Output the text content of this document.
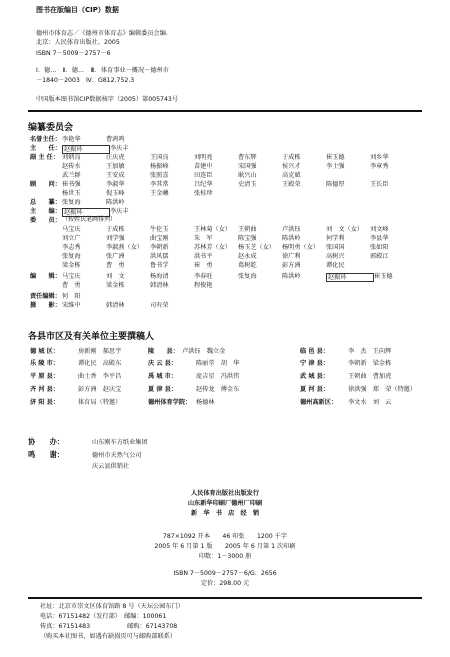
图书在版编目（CIP）数据
德州市体育志／《德州市体育志》编辑委员会编．
北京：人民体育出版社，2005
ISBN 7－5009－2757－6
Ⅰ．德…　Ⅱ．德…　Ⅲ．体育事业－概况－德州市
－1840－2003　Ⅳ．G812.752.3
中国版本图书馆CIP数据核字（2005）第005743号
编纂委员会
名誉主任： 李艳华	曹鸿鸣
主　　任： 赵振环	李庆丰
副 主 任： 刘炳良	汪庆虎	王国良	刘明亮	曹东辉	于成栋	崔玉德	刘乡华
赵传水	王加敏	杨振峰	苗建中	宋国强	侯兴才	李士强	李章秀
武兰群	王安成	张照喜	田连臣	耿兴山	高克斌
顾　　问： 崔书强	李淑华	李其常	吕纪华	史清玉	王殿荣	陈德厚	王长臣
杨世玉	倪玉峰	王金曦	张桂珍
总　　纂： 张复海	陈洪岭
主　　编： 赵振环	李庆丰
委　　员： （按姓氏笔画排列）
马宝庆	于成栋	牛伦玉	王林菊（女）	王朝曲	卢洪钰	刘　文（女）	刘文峰
刘立广	刘学强	曲宝刚	朱　军	陈宝强	陈洪岭	何学利	李县华
李志秀	李淑燕（女）	李朝新	苏林芳（女）	杨玉芝（女）	杨明勇（女）	张国国	张如阳
张复海	张广洲	洪风儒	洪书平	赵永成	徐广利	高树兴	郭殿江
梁金栋	曹　勇	鲁书学	崔　勇	葛树乾	彭方洲	谭化民
编　　辑： 马宝庆	刘　文	杨海清	李春旺	张复海	陈洪岭	赵振环	崔玉德
曹　勇	梁金栋	韩清林	程俊艳
责任编辑： 何　阳
摄　　影： 宋维中	韩清林	司有荣
各县市区及有关单位主要撰稿人
德 城 区：	房新刚　郝思宇	陵　　县： 卢洪钰　魏立金	临 邑 县：	李　杰　王向辉
乐 陵 市：	谭化民　高殿东	庆 云 县：	陈丽堂　胡　华	宁 津 县：	李朝新　梁金栋
平 原 县：	曲士香　李平昌	禹 城 市：	庞吉星　冯洪伟	武 城 县：	王朝曲　曹加虎
齐 河 县：	彭方洲　赵庆宝	夏 津 县：	赵传龙　傅金东	夏 河 县：	徐洪强　郑　荣（特邀）
济 阳 县：	体育局（特邀）	德州体育学院： 杨德林	德州高新区： 李文水　刘　云
协　　办：	山东刚车方纸业集团
鸣　　谢：	德州市天然气公司
庆云县供销社
人民体育出版社出版发行
山东新华印刷厂德州厂印刷
新　华　书　店　经　销
787×1092 开本　　46 印张　　1200 千字
2005 年 6 月第 1 版　　2005 年 6 月第 1 次印刷
印数：1－3000 册
ISBN 7－5009－2757－6/G．2656
定价：298.00 元
社址：北京市崇文区体育馆路 8 号（天坛公园东门）
电话：67151482（发行部）　邮编：100061
传真：67151483　　　　　　邮购：67143708
（购买本社图书，如遇有缺损页可与邮购部联系）
